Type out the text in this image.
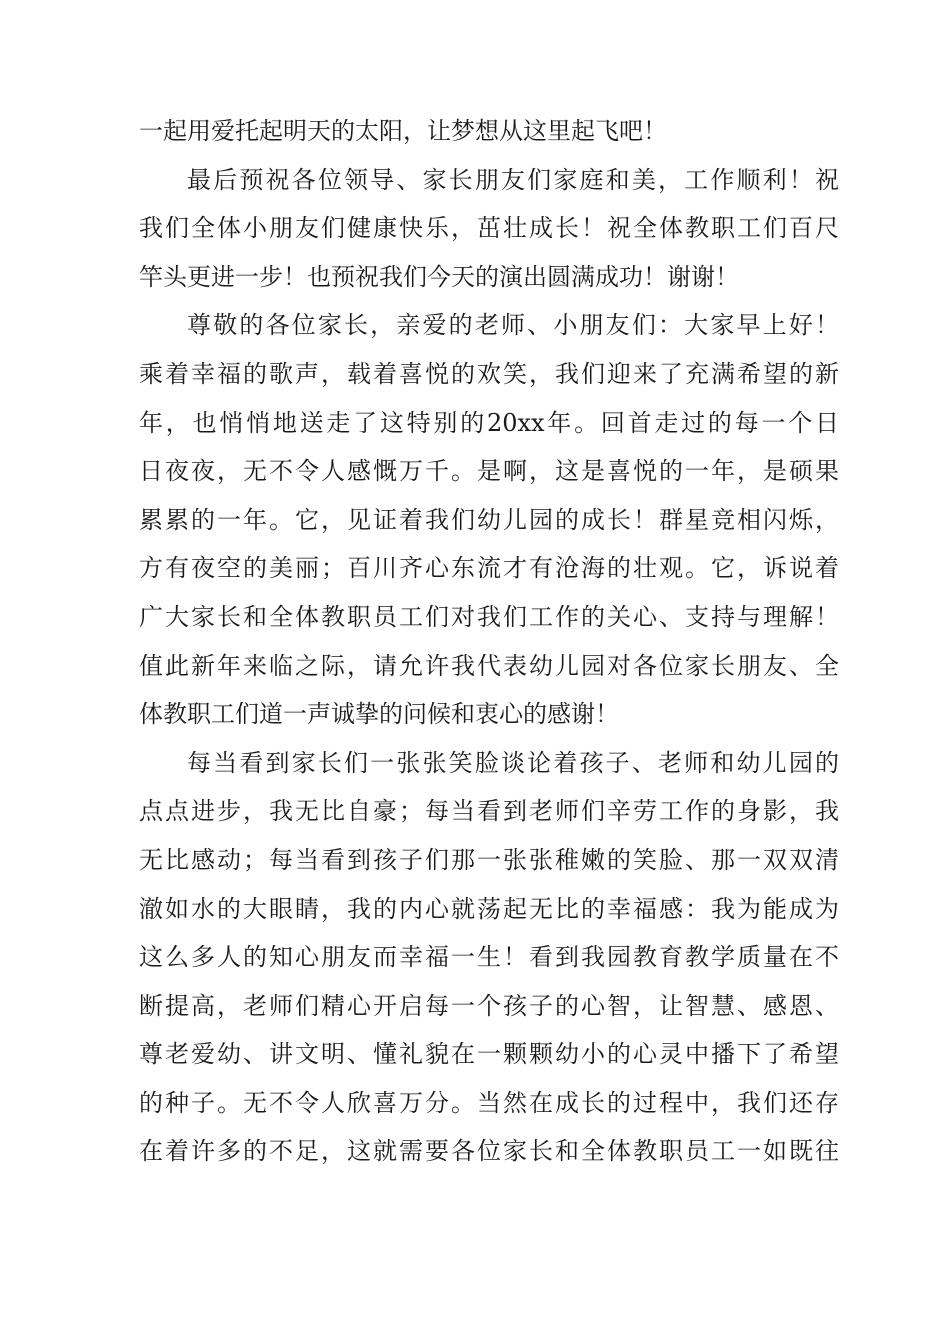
一起用爱托起明天的太阳，让梦想从这里起飞吧！
最后预祝各位领导、家长朋友们家庭和美，工作顺利！祝
我们全体小朋友们健康快乐，茁壮成长！祝全体教职工们百尺
竿头更进一步！也预祝我们今天的演出圆满成功！谢谢！
尊敬的各位家长，亲爱的老师、小朋友们：大家早上好！
乘着幸福的歌声，载着喜悦的欢笑，我们迎来了充满希望的新
年，也悄悄地送走了这特别的20xx年。回首走过的每一个日
日夜夜，无不令人感慨万千。是啊，这是喜悦的一年，是硕果
累累的一年。它，见证着我们幼儿园的成长！群星竞相闪烁，
方有夜空的美丽；百川齐心东流才有沧海的壮观。它，诉说着
广大家长和全体教职员工们对我们工作的关心、支持与理解！
值此新年来临之际，请允许我代表幼儿园对各位家长朋友、全
体教职工们道一声诚挚的问候和衷心的感谢！
每当看到家长们一张张笑脸谈论着孩子、老师和幼儿园的
点点进步，我无比自豪；每当看到老师们辛劳工作的身影，我
无比感动；每当看到孩子们那一张张稚嫩的笑脸、那一双双清
澈如水的大眼睛，我的内心就荡起无比的幸福感：我为能成为
这么多人的知心朋友而幸福一生！看到我园教育教学质量在不
断提高，老师们精心开启每一个孩子的心智，让智慧、感恩、
尊老爱幼、讲文明、懂礼貌在一颗颗幼小的心灵中播下了希望
的种子。无不令人欣喜万分。当然在成长的过程中，我们还存
在着许多的不足，这就需要各位家长和全体教职员工一如既往
